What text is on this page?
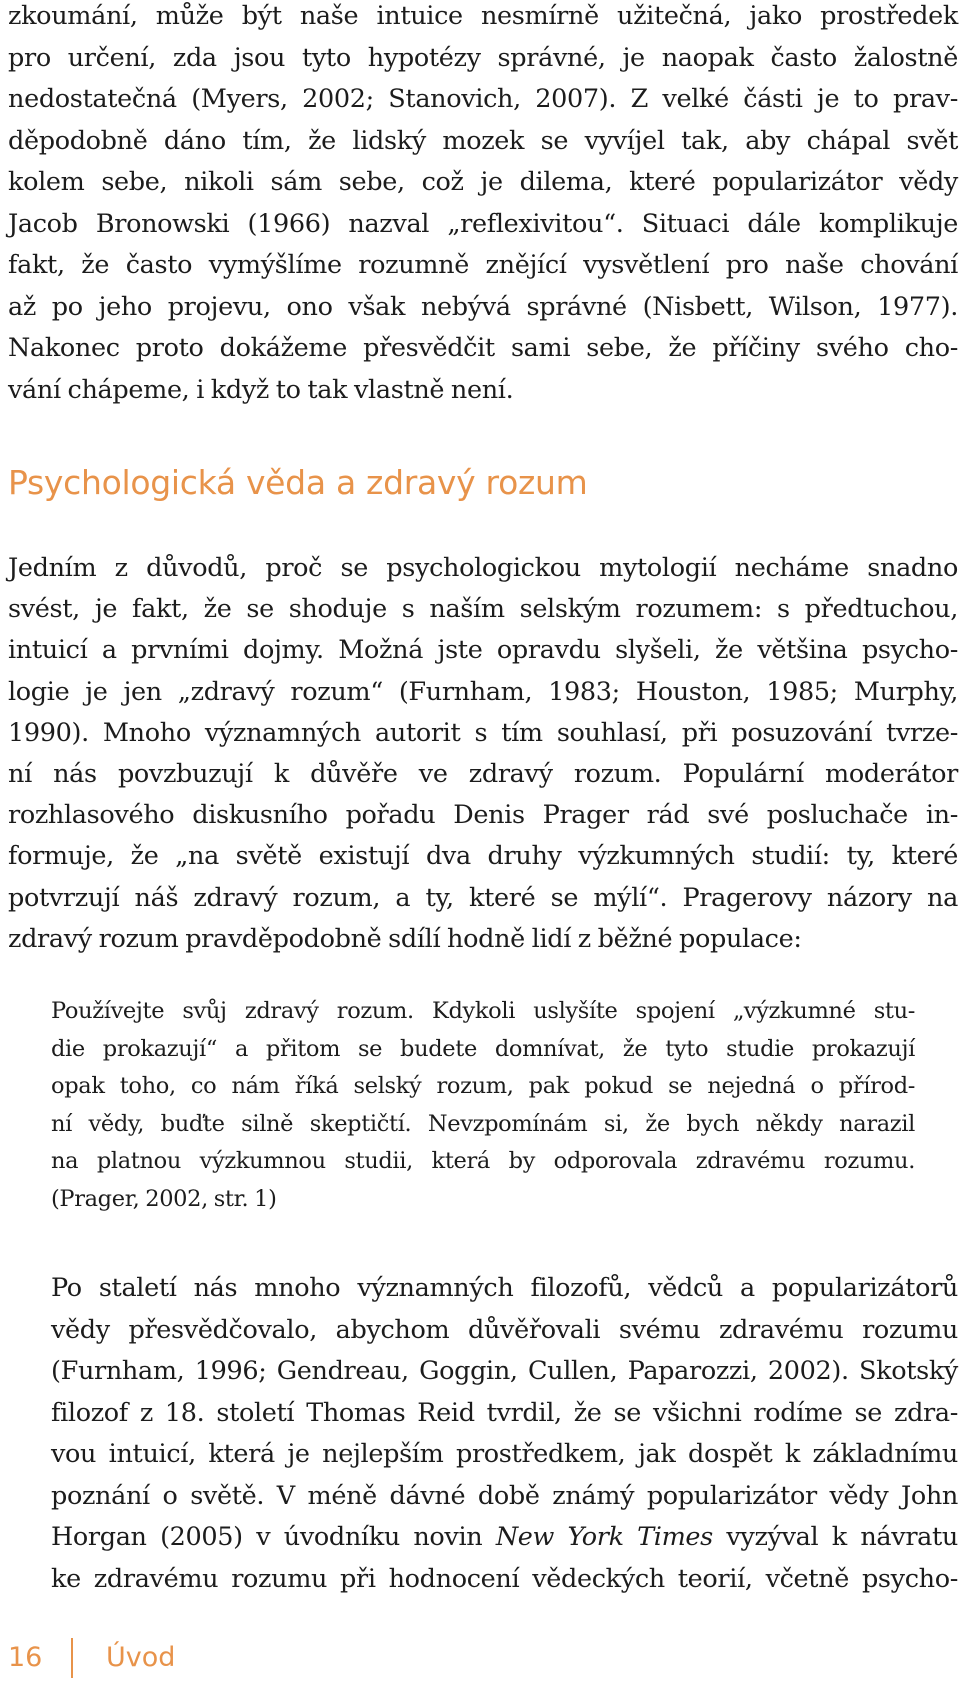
zkoumání, může být naše intuice nesmírně užitečná, jako prostředek
pro určení, zda jsou tyto hypotézy správné, je naopak často žalostně
nedostatečná (Myers, 2002; Stanovich, 2007). Z velké části je to prav-
děpodobně dáno tím, že lidský mozek se vyvíjel tak, aby chápal svět
kolem sebe, nikoli sám sebe, což je dilema, které popularizátor vědy
Jacob Bronowski (1966) nazval „reflexivitou“. Situaci dále komplikuje
fakt, že často vymýšlíme rozumně znějící vysvětlení pro naše chování
až po jeho projevu, ono však nebývá správné (Nisbett, Wilson, 1977).
Nakonec proto dokážeme přesvědčit sami sebe, že příčiny svého cho-
vání chápeme, i když to tak vlastně není.
Psychologická věda a zdravý rozum
Jedním z důvodů, proč se psychologickou mytologií necháme snadno
svést, je fakt, že se shoduje s naším selským rozumem: s předtuchou,
intuicí a prvními dojmy. Možná jste opravdu slyšeli, že většina psycho-
logie je jen „zdravý rozum“ (Furnham, 1983; Houston, 1985; Murphy,
1990). Mnoho významných autorit s tím souhlasí, při posuzování tvrze-
ní nás povzbuzují k důvěře ve zdravý rozum. Populární moderátor
rozhlasového diskusního pořadu Denis Prager rád své posluchače in-
formuje, že „na světě existují dva druhy výzkumných studií: ty, které
potvrzují náš zdravý rozum, a ty, které se mýlí“. Pragerovy názory na
zdravý rozum pravděpodobně sdílí hodně lidí z běžné populace:
Používejte svůj zdravý rozum. Kdykoli uslyšíte spojení „výzkumné stu-
die prokazují“ a přitom se budete domnívat, že tyto studie prokazují
opak toho, co nám říká selský rozum, pak pokud se nejedná o přírod-
ní vědy, buďte silně skeptičtí. Nevzpomínám si, že bych někdy narazil
na platnou výzkumnou studii, která by odporovala zdravému rozumu.
(Prager, 2002, str. 1)
Po staletí nás mnoho významných filozofů, vědců a popularizátorů
vědy přesvědčovalo, abychom důvěřovali svému zdravému rozumu
(Furnham, 1996; Gendreau, Goggin, Cullen, Paparozzi, 2002). Skotský
filozof z 18. století Thomas Reid tvrdil, že se všichni rodíme se zdra-
vou intuicí, která je nejlepším prostředkem, jak dospět k základnímu
poznání o světě. V méně dávné době známý popularizátor vědy John
Horgan (2005) v úvodníku novin New York Times vyzýval k návratu
ke zdravému rozumu při hodnocení vědeckých teorií, včetně psycho-
16 Úvod
